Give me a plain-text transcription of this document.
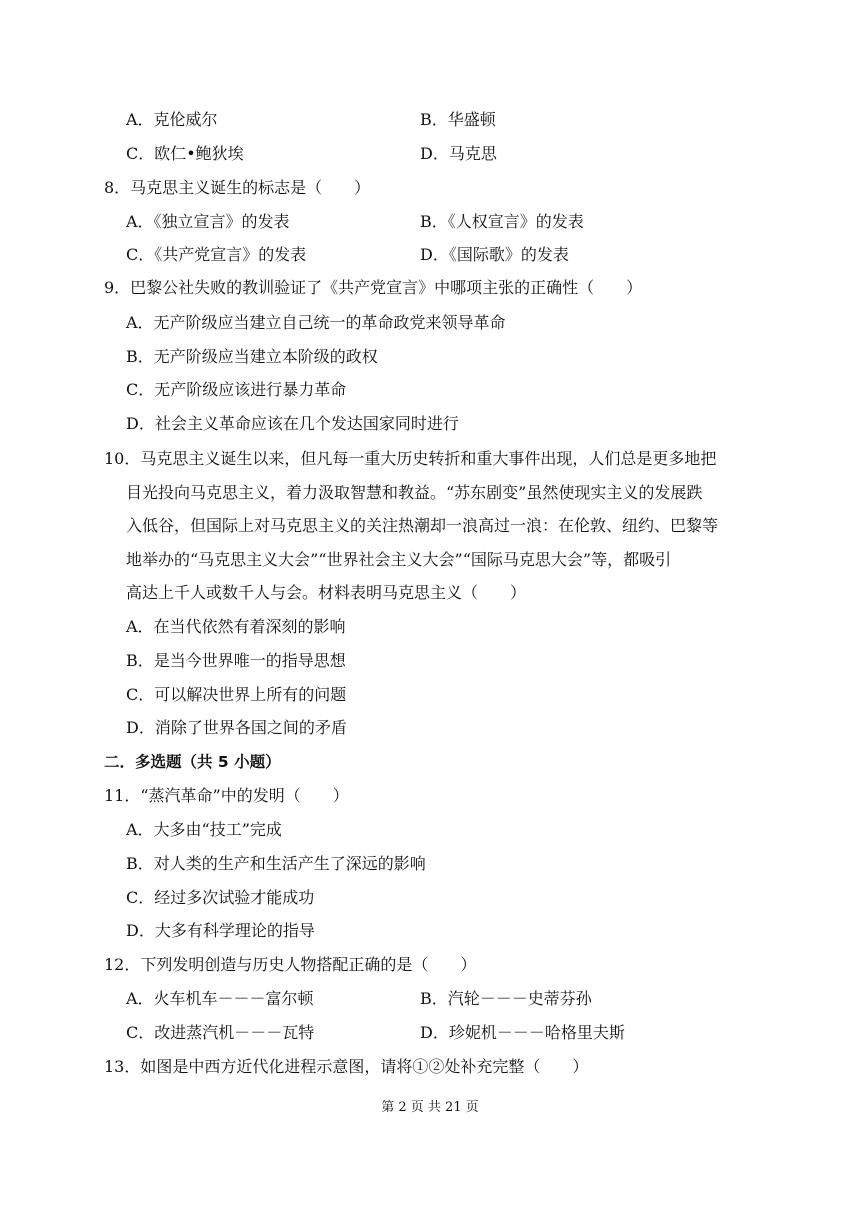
A．克伦威尔	B．华盛顿
C．欧仁•鲍狄埃	D．马克思
8．马克思主义诞生的标志是（　　）
A．《独立宣言》的发表	B．《人权宣言》的发表
C．《共产党宣言》的发表	D．《国际歌》的发表
9．巴黎公社失败的教训验证了《共产党宣言》中哪项主张的正确性（　　）
A．无产阶级应当建立自己统一的革命政党来领导革命
B．无产阶级应当建立本阶级的政权
C．无产阶级应该进行暴力革命
D．社会主义革命应该在几个发达国家同时进行
10．马克思主义诞生以来，但凡每一重大历史转折和重大事件出现，人们总是更多地把
目光投向马克思主义，着力汲取智慧和教益。“苏东剧变”虽然使现实主义的发展跌
入低谷，但国际上对马克思主义的关注热潮却一浪高过一浪：在伦敦、纽约、巴黎等
地举办的“马克思主义大会”“世界社会主义大会”“国际马克思大会”等，都吸引
高达上千人或数千人与会。材料表明马克思主义（　　）
A．在当代依然有着深刻的影响
B．是当今世界唯一的指导思想
C．可以解决世界上所有的问题
D．消除了世界各国之间的矛盾
二．多选题（共 5 小题）
11．“蒸汽革命”中的发明（　　）
A．大多由“技工”完成
B．对人类的生产和生活产生了深远的影响
C．经过多次试验才能成功
D．大多有科学理论的指导
12．下列发明创造与历史人物搭配正确的是（　　）
A．火车机车－－－富尔顿	B．汽轮－－－史蒂芬孙
C．改进蒸汽机－－－瓦特	D．珍妮机－－－哈格里夫斯
13．如图是中西方近代化进程示意图，请将①②处补充完整（　　）
第 2 页 共 21 页
